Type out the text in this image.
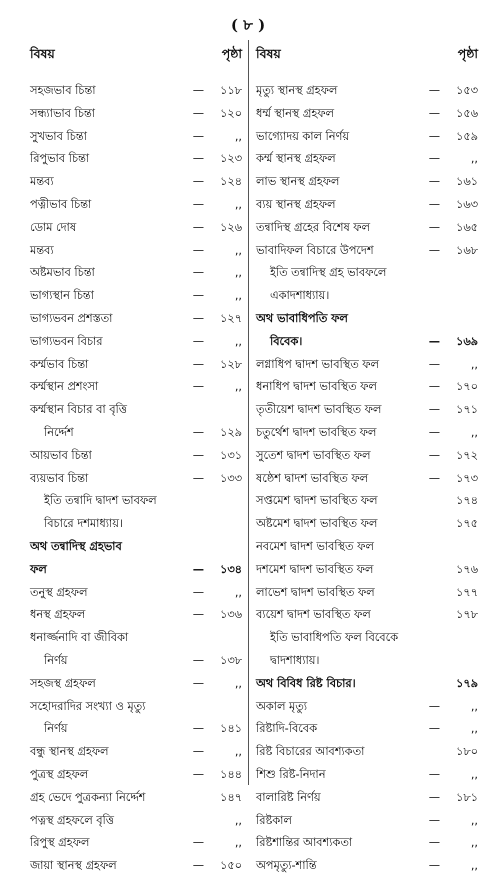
( ৮ )
বিষয়	পৃষ্ঠা
সহজভাব চিন্তা	— ১১৮
সন্ধ্যাভাব চিন্তা	— ১২০
সুখভাব চিন্তা	—	,,
রিপুভাব চিন্তা	— ১২৩
মন্তব্য	— ১২৪
পত্নীভাব চিন্তা	—	,,
ডোম দোষ	— ১২৬
মন্তব্য	—	,,
অষ্টমভাব চিন্তা	—	,,
ভাগ্যস্থান চিন্তা	—	,,
ভাগ্যভবন প্রশস্ততা	— ১২৭
ভাগ্যভবন বিচার	—	,,
কর্ম্মভাব চিন্তা	— ১২৮
কর্ম্মস্থান প্রশংসা	—	,,
কর্ম্মস্থান বিচার বা বৃত্তি
নির্দ্দেশ	— ১২৯
আয়ভাব চিন্তা	— ১৩১
ব্যয়ভাব চিন্তা	— ১৩৩
ইতি তন্বাদি দ্বাদশ ভাবফল
বিচারে দশমাধ্যায়।
অথ তন্বাদিস্থ গ্রহভাব
ফল	— ১৩৪
তনুস্থ গ্রহফল	—	,,
ধনস্থ গ্রহফল	— ১৩৬
ধনার্জ্জনাদি বা জীবিকা
নির্ণয়	— ১৩৮
সহজস্থ গ্রহফল	—	,,
সহোদরাদির সংখ্যা ও মৃত্যু
নির্ণয়	— ১৪১
বন্ধু স্থানস্থ গ্রহফল	—	,,
পুত্রস্থ গ্রহফল	— ১৪৪
গ্রহ ভেদে পুত্রকন্যা নির্দ্দেশ	১৪৭
পত্নস্থ গ্রহফলে বৃত্তি	,,
রিপুস্থ গ্রহফল	—	,,
জায়া স্থানস্থ গ্রহফল	— ১৫০
বিষয়	পৃষ্ঠা
মৃত্যু স্থানস্থ গ্রহফল	— ১৫৩
ধর্ম্ম স্থানস্থ গ্রহফল	— ১৫৬
ভাগ্যোদয় কাল নির্ণয়	— ১৫৯
কর্ম্ম স্থানস্থ গ্রহফল	—	,,
লাভ স্থানস্থ গ্রহফল	— ১৬১
ব্যয় স্থানস্থ গ্রহফল	— ১৬৩
তন্বাদিস্থ গ্রহের বিশেষ ফল	— ১৬৫
ভাবাদিফল বিচারে উপদেশ	— ১৬৮
ইতি তন্বাদিস্থ গ্রহ ভাবফলে
একাদশাধ্যায়।
অথ ভাবাধিপতি ফল
বিবেক।	— ১৬৯
লগ্নাধিপ দ্বাদশ ভাবস্থিত ফল	—	,,
ধনাধিপ দ্বাদশ ভাবস্থিত ফল	— ১৭০
তৃতীয়েশ দ্বাদশ ভাবস্থিত ফল	— ১৭১
চতুর্থেশ দ্বাদশ ভাবস্থিত ফল	—	,,
সুতেশ দ্বাদশ ভাবস্থিত ফল	— ১৭২
ষষ্ঠেশ দ্বাদশ ভাবস্থিত ফল	— ১৭৩
সপ্তমেশ দ্বাদশ ভাবস্থিত ফল	১৭৪
অষ্টমেশ দ্বাদশ ভাবস্থিত ফল	১৭৫
নবমেশ দ্বাদশ ভাবস্থিত ফল
দশমেশ দ্বাদশ ভাবস্থিত ফল	১৭৬
লাভেশ দ্বাদশ ভাবস্থিত ফল	১৭৭
ব্যয়েশ দ্বাদশ ভাবস্থিত ফল	১৭৮
ইতি ভাবাধিপতি ফল বিবেকে
দ্বাদশাধ্যায়।
অথ বিবিধ রিষ্ট বিচার।	১৭৯
অকাল মৃত্যু	—	,,
রিষ্টাদি-বিবেক	—	,,
রিষ্ট বিচারের আবশ্যকতা	১৮০
শিশু রিষ্ট-নিদান	—	,,
বালারিষ্ট নির্ণয়	— ১৮১
রিষ্টকাল	—	,,
রিষ্টশান্তির আবশ্যকতা	—	,,
অপমৃত্যু-শান্তি	—	,,
